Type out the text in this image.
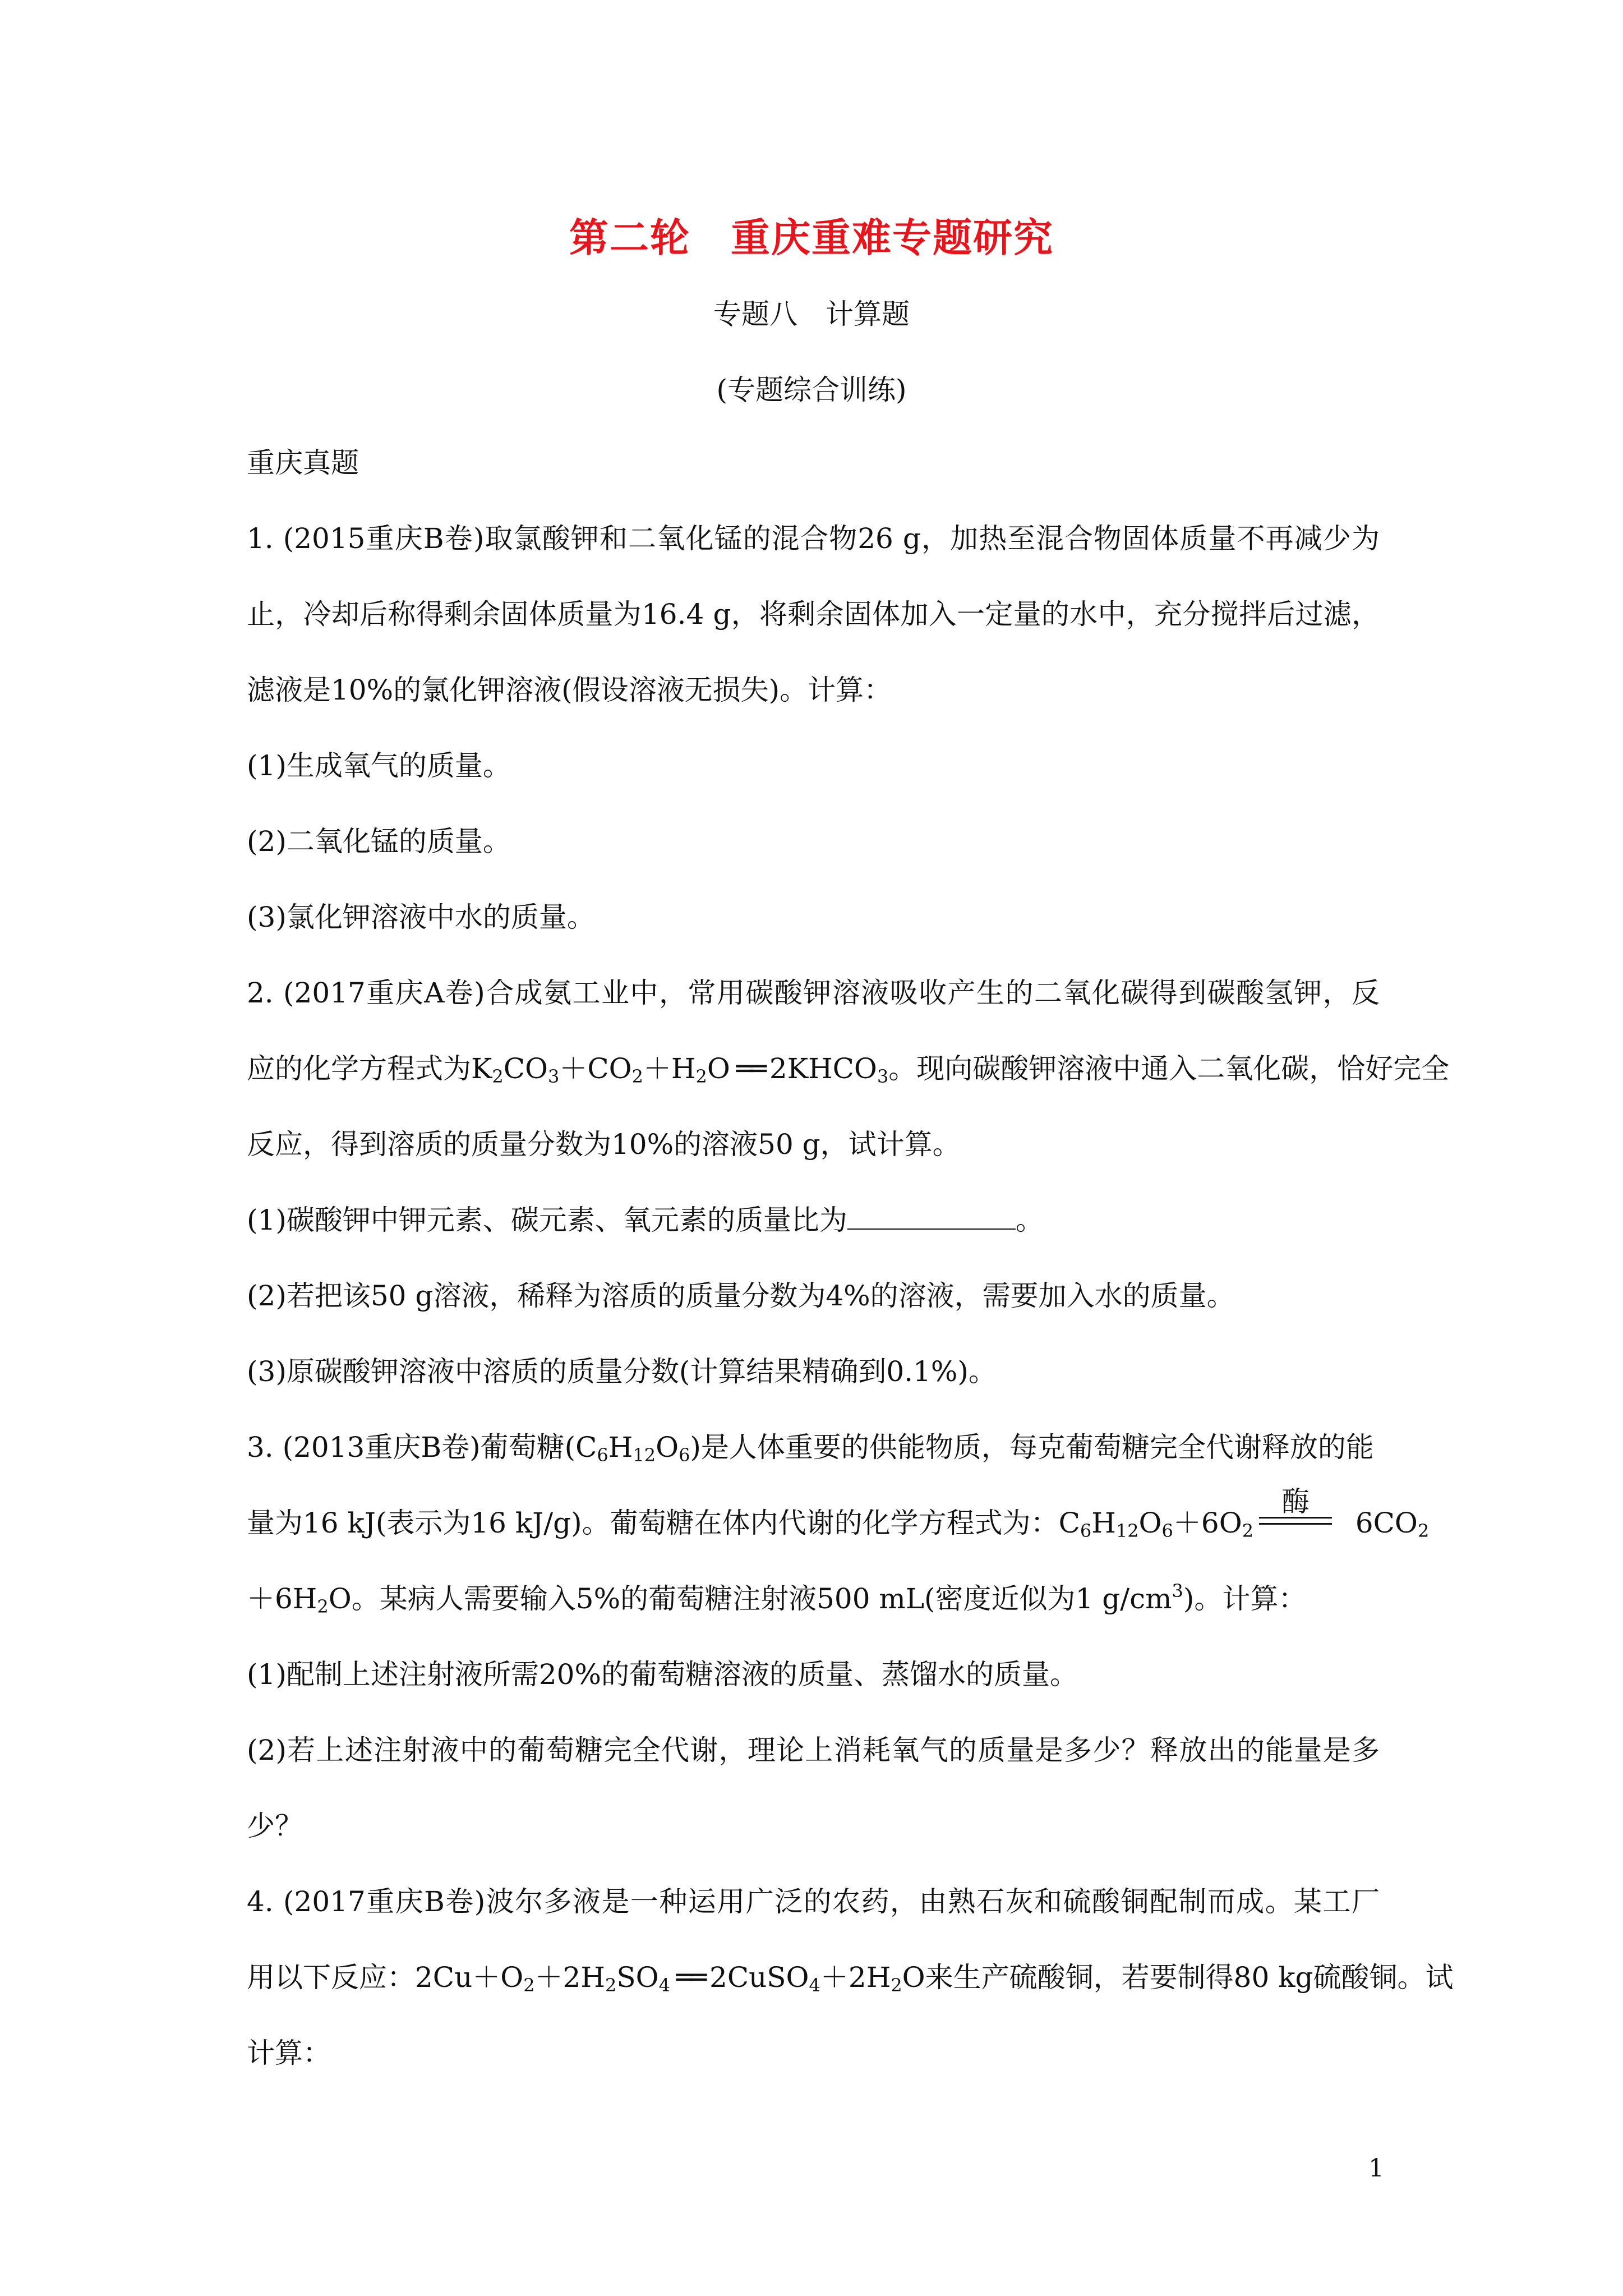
第二轮　重庆重难专题研究
专题八　计算题
(专题综合训练)
重庆真题
1. (2015重庆B卷)取氯酸钾和二氧化锰的混合物26 g，加热至混合物固体质量不再减少为
止，冷却后称得剩余固体质量为16.4 g，将剩余固体加入一定量的水中，充分搅拌后过滤，
滤液是10%的氯化钾溶液(假设溶液无损失)。计算：
(1)生成氧气的质量。
(2)二氧化锰的质量。
(3)氯化钾溶液中水的质量。
2. (2017重庆A卷)合成氨工业中，常用碳酸钾溶液吸收产生的二氧化碳得到碳酸氢钾，反
应的化学方程式为$K_2CO_3+CO_2+H_2O$ ══ $2KHCO_3$。现向碳酸钾溶液中通入二氧化碳，恰好完全
反应，得到溶质的质量分数为10%的溶液50 g，试计算。
(1)碳酸钾中钾元素、碳元素、氧元素的质量比为	。
(2)若把该50 g溶液，稀释为溶质的质量分数为4%的溶液，需要加入水的质量。
(3)原碳酸钾溶液中溶质的质量分数(计算结果精确到0.1%)。
3. (2013重庆B卷)葡萄糖$(C_6H_{12}O_6)$是人体重要的供能物质，每克葡萄糖完全代谢释放的能
量为16 kJ(表示为16 kJ/g)。葡萄糖在体内代谢的化学方程式为：$C_6H_{12}O_6+6O_2$
酶
$6CO_2$
$+6H_2O$。某病人需要输入5%的葡萄糖注射液500 mL(密度近似为1 $g/cm^3$)。计算：
(1)配制上述注射液所需20%的葡萄糖溶液的质量、蒸馏水的质量。
(2)若上述注射液中的葡萄糖完全代谢，理论上消耗氧气的质量是多少？释放出的能量是多
少？
4. (2017重庆B卷)波尔多液是一种运用广泛的农药，由熟石灰和硫酸铜配制而成。某工厂
用以下反应：$2Cu+O_2+2H_2SO_4$ ══ $2CuSO_4+2H_2O$来生产硫酸铜，若要制得80 kg硫酸铜。试
计算：
1
